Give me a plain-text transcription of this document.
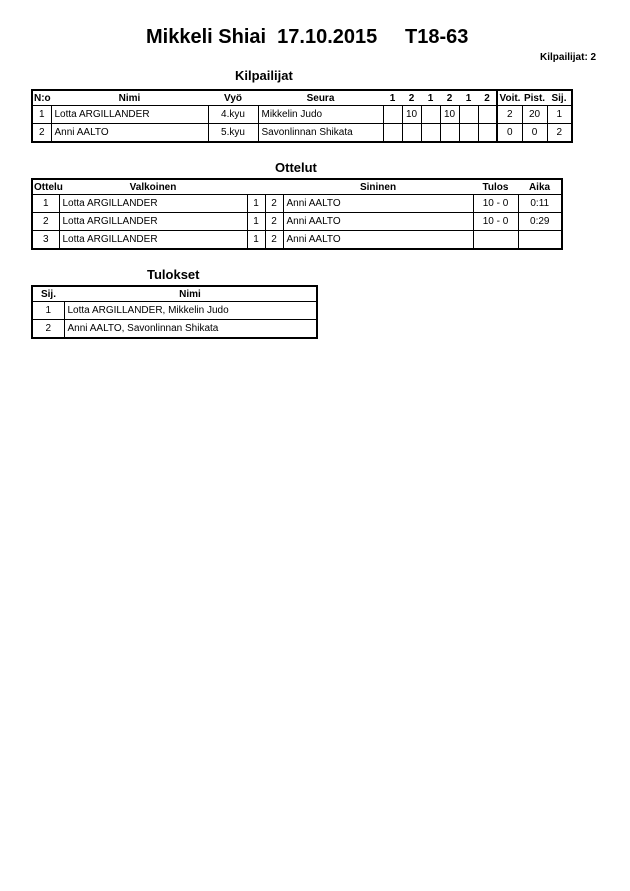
Mikkeli Shiai  17.10.2015     T18-63
Kilpailijat: 2
Kilpailijat
N:o	Nimi	Vyö	Seura	1	2	1	2	1	2	Voit.	Pist.	Sij.
1	Lotta ARGILLANDER	4.kyu	Mikkelin Judo		10		10			2	20	1
2	Anni AALTO	5.kyu	Savonlinnan Shikata							0	0	2
Ottelut
Ottelu	Valkoinen			Sininen	Tulos	Aika
1	Lotta ARGILLANDER	1	2	Anni AALTO	10 - 0	0:11
2	Lotta ARGILLANDER	1	2	Anni AALTO	10 - 0	0:29
3	Lotta ARGILLANDER	1	2	Anni AALTO		
Tulokset
Sij.	Nimi
1	Lotta ARGILLANDER, Mikkelin Judo
2	Anni AALTO, Savonlinnan Shikata
